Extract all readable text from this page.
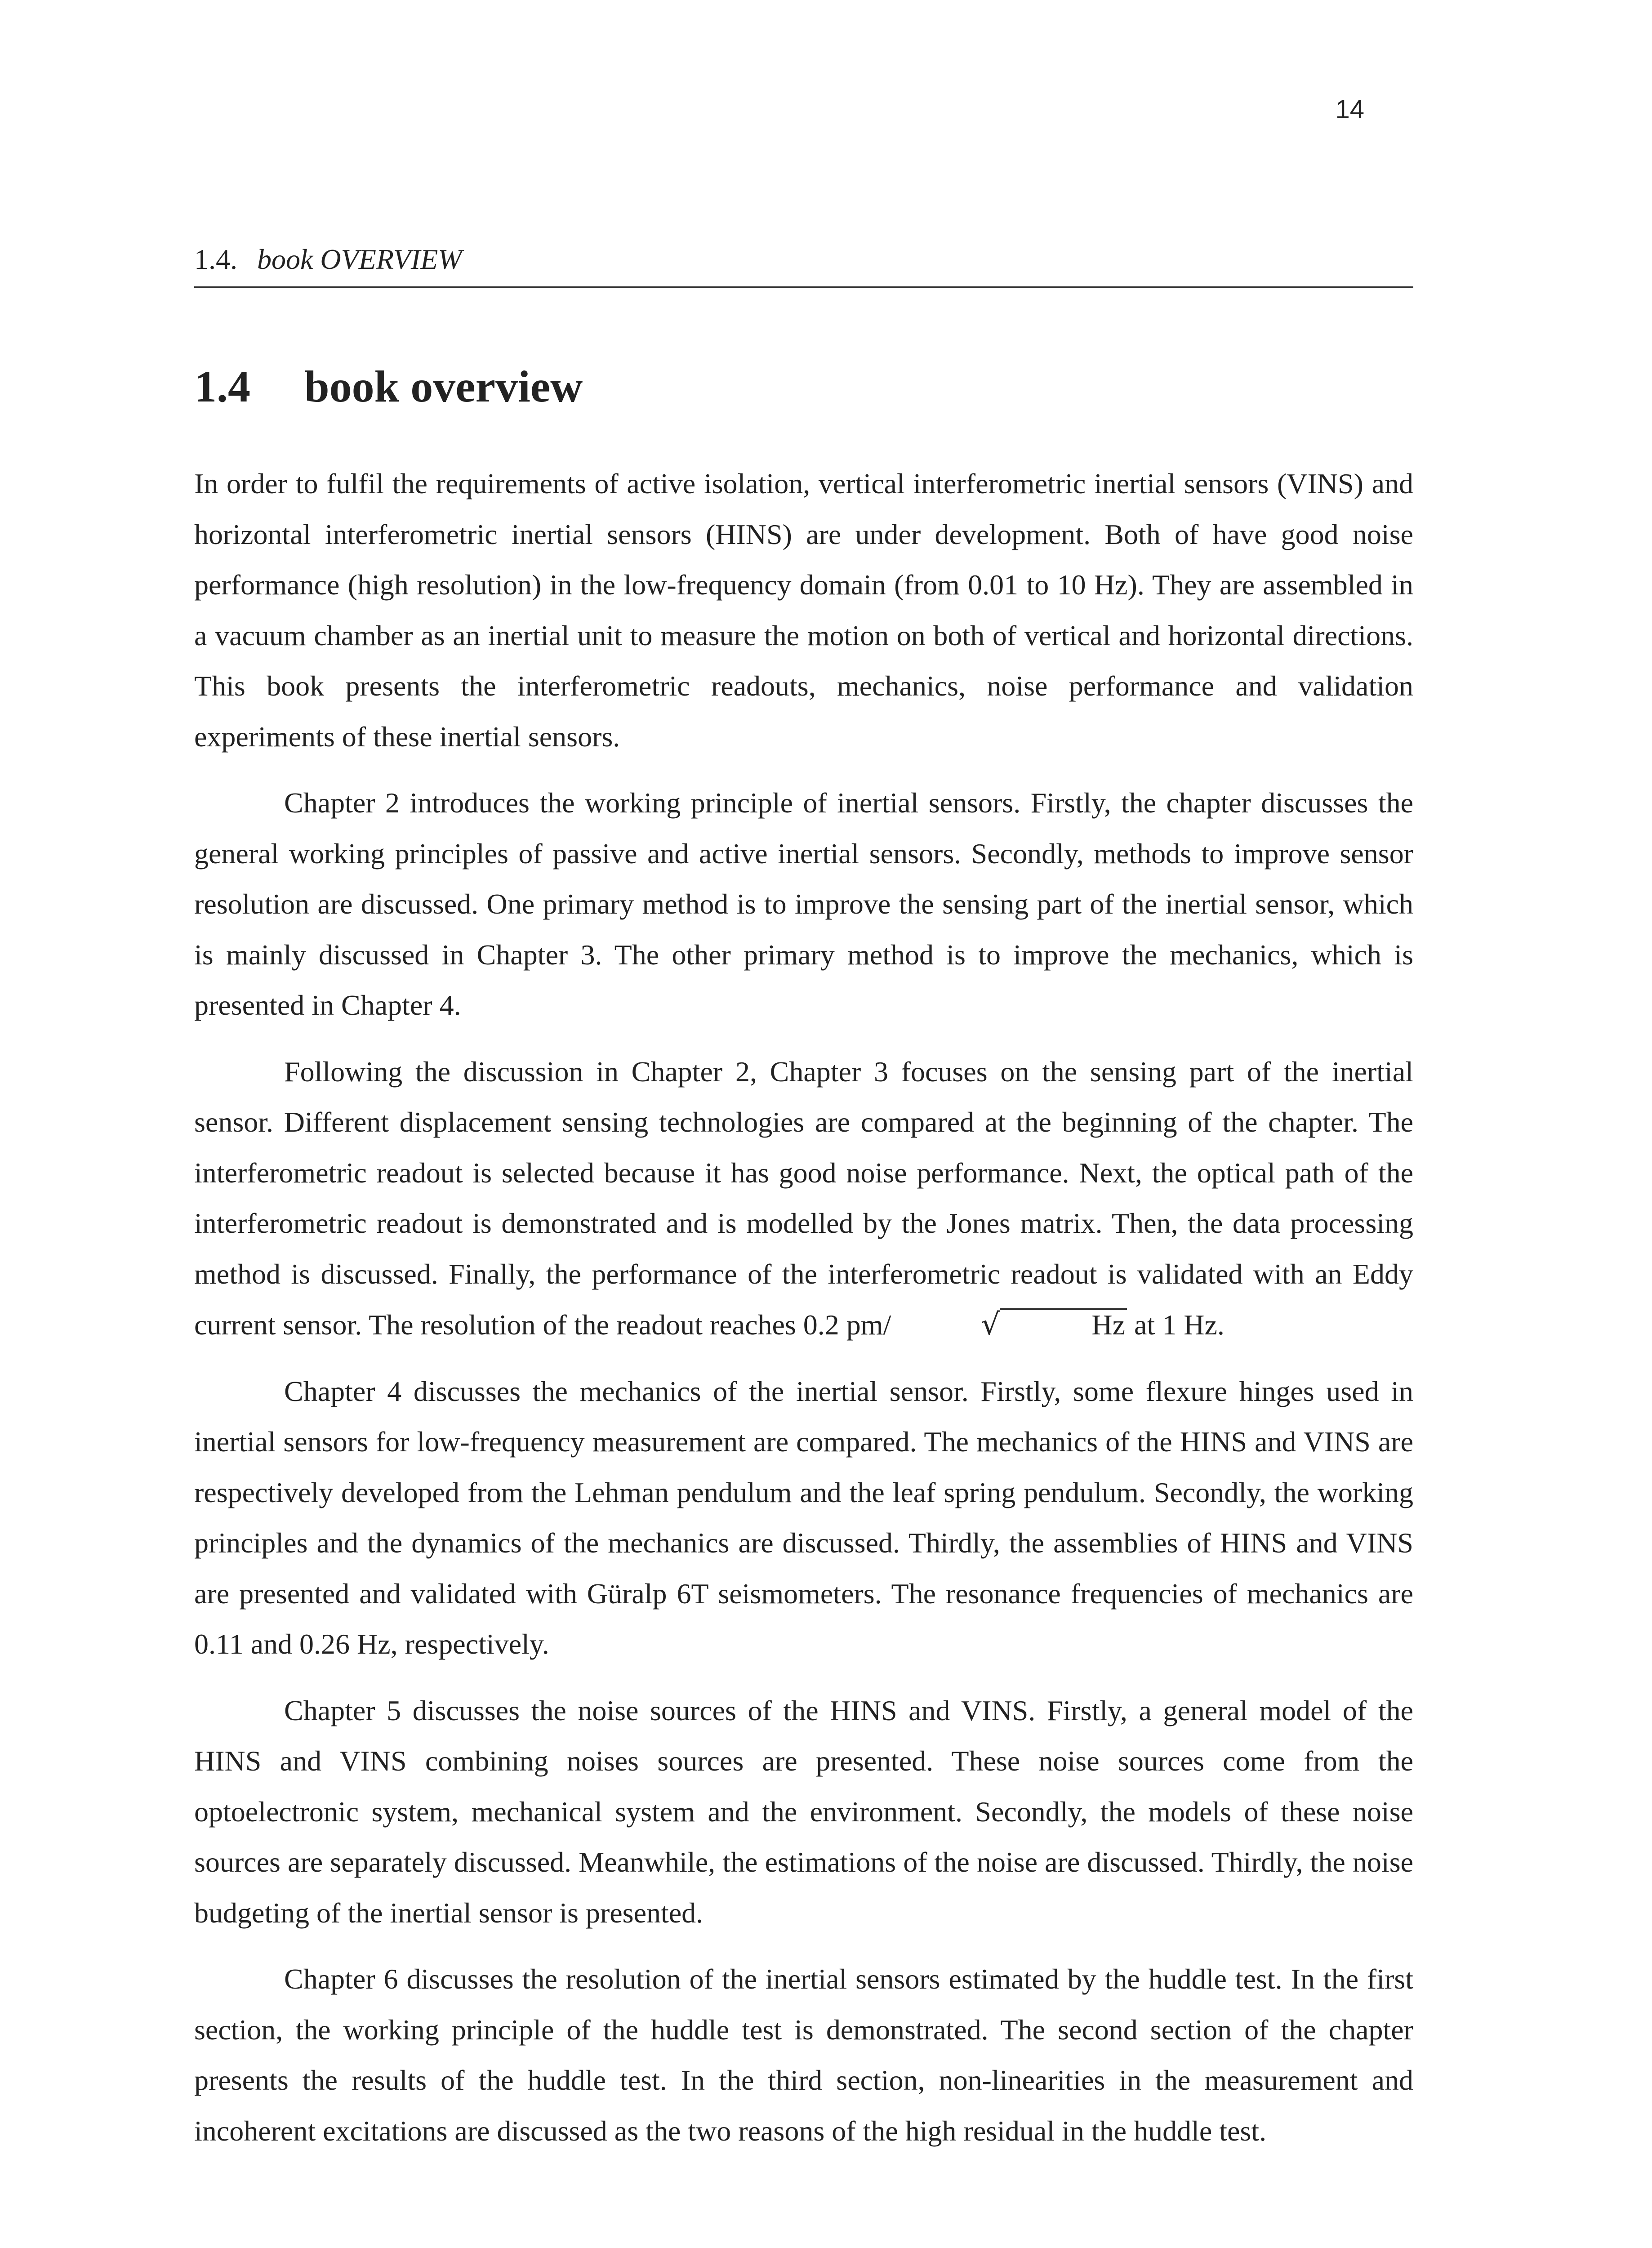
14
1.4. book OVERVIEW
1.4 book overview

In order to fulfil the requirements of active isolation, vertical interferometric inertial sensors (VINS) and horizontal interferometric inertial sensors (HINS) are under development. Both of have good noise performance (high resolution) in the low-frequency domain (from 0.01 to 10 Hz). They are assembled in a vacuum chamber as an inertial unit to measure the motion on both of vertical and horizontal directions. This book presents the interferometric readouts, mechanics, noise performance and validation experiments of these inertial sensors.

Chapter 2 introduces the working principle of inertial sensors. Firstly, the chapter discusses the general working principles of passive and active inertial sensors. Secondly, methods to improve sensor resolution are discussed. One primary method is to improve the sensing part of the inertial sensor, which is mainly discussed in Chapter 3. The other primary method is to improve the mechanics, which is presented in Chapter 4.

Following the discussion in Chapter 2, Chapter 3 focuses on the sensing part of the inertial sensor. Different displacement sensing technologies are compared at the beginning of the chapter. The interferometric readout is selected because it has good noise performance. Next, the optical path of the interferometric readout is demonstrated and is modelled by the Jones matrix. Then, the data processing method is discussed. Finally, the performance of the interferometric readout is validated with an Eddy current sensor. The resolution of the readout reaches 0.2 pm/	√	Hz at 1 Hz.

Chapter 4 discusses the mechanics of the inertial sensor. Firstly, some flexure hinges used in inertial sensors for low-frequency measurement are compared. The mechanics of the HINS and VINS are respectively developed from the Lehman pendulum and the leaf spring pendulum. Secondly, the working principles and the dynamics of the mechanics are discussed. Thirdly, the assemblies of HINS and VINS are presented and validated with Güralp 6T seismometers. The resonance frequencies of mechanics are 0.11 and 0.26 Hz, respectively.

Chapter 5 discusses the noise sources of the HINS and VINS. Firstly, a general model of the HINS and VINS combining noises sources are presented. These noise sources come from the optoelectronic system, mechanical system and the environment. Secondly, the models of these noise sources are separately discussed. Meanwhile, the estimations of the noise are discussed. Thirdly, the noise budgeting of the inertial sensor is presented.

Chapter 6 discusses the resolution of the inertial sensors estimated by the huddle test. In the first section, the working principle of the huddle test is demonstrated. The second section of the chapter presents the results of the huddle test. In the third section, non-linearities in the measurement and incoherent excitations are discussed as the two reasons of the high residual in the huddle test.
